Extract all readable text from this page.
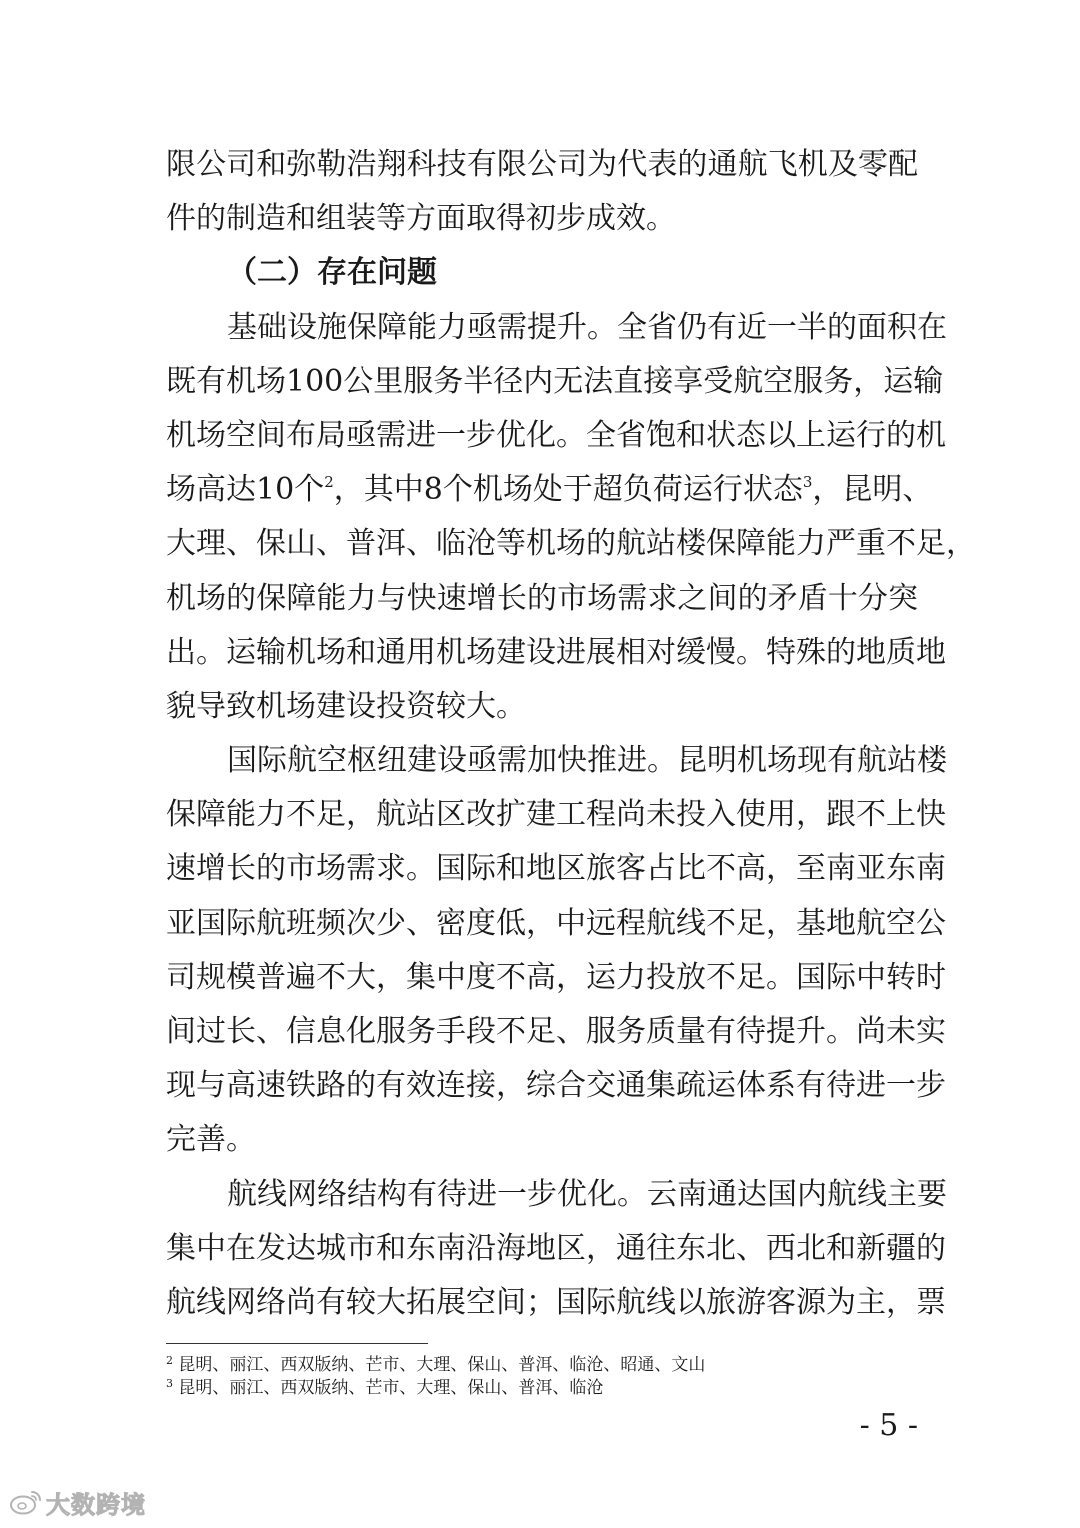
限公司和弥勒浩翔科技有限公司为代表的通航飞机及零配
件的制造和组装等方面取得初步成效。
（二）存在问题
基础设施保障能力亟需提升。全省仍有近一半的面积在
既有机场100公里服务半径内无法直接享受航空服务，运输
机场空间布局亟需进一步优化。全省饱和状态以上运行的机
场高达10个$^2$，其中8个机场处于超负荷运行状态$^3$，昆明、
大理、保山、普洱、临沧等机场的航站楼保障能力严重不足，
机场的保障能力与快速增长的市场需求之间的矛盾十分突
出。运输机场和通用机场建设进展相对缓慢。特殊的地质地
貌导致机场建设投资较大。
国际航空枢纽建设亟需加快推进。昆明机场现有航站楼
保障能力不足，航站区改扩建工程尚未投入使用，跟不上快
速增长的市场需求。国际和地区旅客占比不高，至南亚东南
亚国际航班频次少、密度低，中远程航线不足，基地航空公
司规模普遍不大，集中度不高，运力投放不足。国际中转时
间过长、信息化服务手段不足、服务质量有待提升。尚未实
现与高速铁路的有效连接，综合交通集疏运体系有待进一步
完善。
航线网络结构有待进一步优化。云南通达国内航线主要
集中在发达城市和东南沿海地区，通往东北、西北和新疆的
航线网络尚有较大拓展空间；国际航线以旅游客源为主，票
$^2$ 昆明、丽江、西双版纳、芒市、大理、保山、普洱、临沧、昭通、文山
$^3$ 昆明、丽江、西双版纳、芒市、大理、保山、普洱、临沧
- 5 -
大数跨境
